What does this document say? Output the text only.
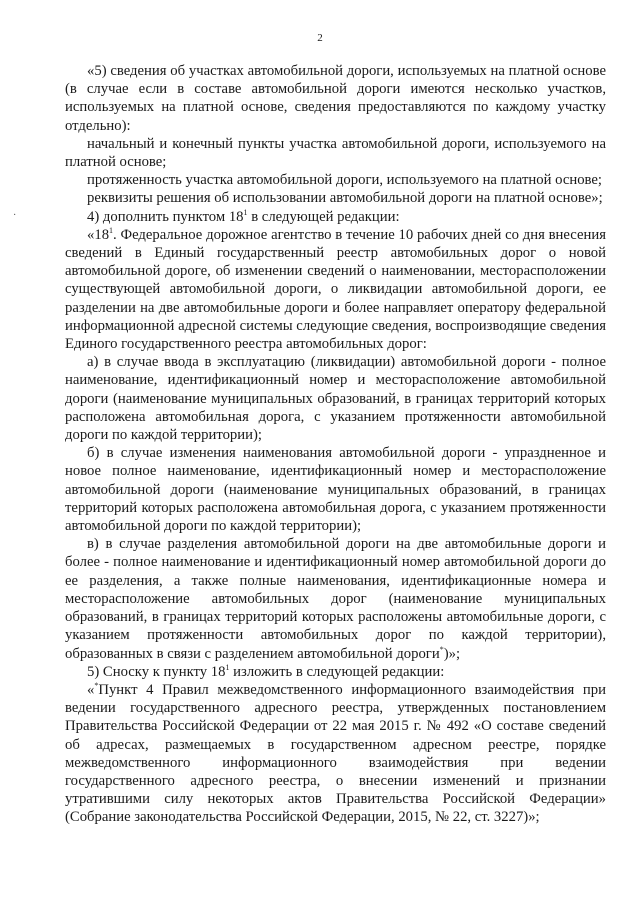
2
·

«5) сведения об участках автомобильной дороги, используемых на платной основе (в случае если в составе автомобильной дороги имеются несколько участков, используемых на платной основе, сведения предоставляются по каждому участку отдельно):

начальный и конечный пункты участка автомобильной дороги, используемого на платной основе;

протяженность участка автомобильной дороги, используемого на платной основе;

реквизиты решения об использовании автомобильной дороги на платной основе»;

4) дополнить пунктом $18^1$ в следующей редакции:

«$18^1$. Федеральное дорожное агентство в течение 10 рабочих дней со дня внесения сведений в Единый государственный реестр автомобильных дорог о новой автомобильной дороге, об изменении сведений о наименовании, месторасположении существующей автомобильной дороги, о ликвидации автомобильной дороги, ее разделении на две автомобильные дороги и более направляет оператору федеральной информационной адресной системы следующие сведения, воспроизводящие сведения Единого государственного реестра автомобильных дорог:

а) в случае ввода в эксплуатацию (ликвидации) автомобильной дороги - полное наименование, идентификационный номер и месторасположение автомобильной дороги (наименование муниципальных образований, в границах территорий которых расположена автомобильная дорога, с указанием протяженности автомобильной дороги по каждой территории);

б) в случае изменения наименования автомобильной дороги - упраздненное и новое полное наименование, идентификационный номер и месторасположение автомобильной дороги (наименование муниципальных образований, в границах территорий которых расположена автомобильная дорога, с указанием протяженности автомобильной дороги по каждой территории);

в) в случае разделения автомобильной дороги на две автомобильные дороги и более - полное наименование и идентификационный номер автомобильной дороги до ее разделения, а также полные наименования, идентификационные номера и месторасположение автомобильных дорог (наименование муниципальных образований, в границах территорий которых расположены автомобильные дороги, с указанием протяженности автомобильных дорог по каждой территории), образованных в связи с разделением автомобильной дороги*)»;

5) Сноску к пункту $18^1$ изложить в следующей редакции:

«*Пункт 4 Правил межведомственного информационного взаимодействия при ведении государственного адресного реестра, утвержденных постановлением Правительства Российской Федерации от 22 мая 2015 г. № 492 «О составе сведений об адресах, размещаемых в государственном адресном реестре, порядке межведомственного информационного взаимодействия при ведении государственного адресного реестра, о внесении изменений и признании утратившими силу некоторых актов Правительства Российской Федерации» (Собрание законодательства Российской Федерации, 2015, № 22, ст. 3227)»;
